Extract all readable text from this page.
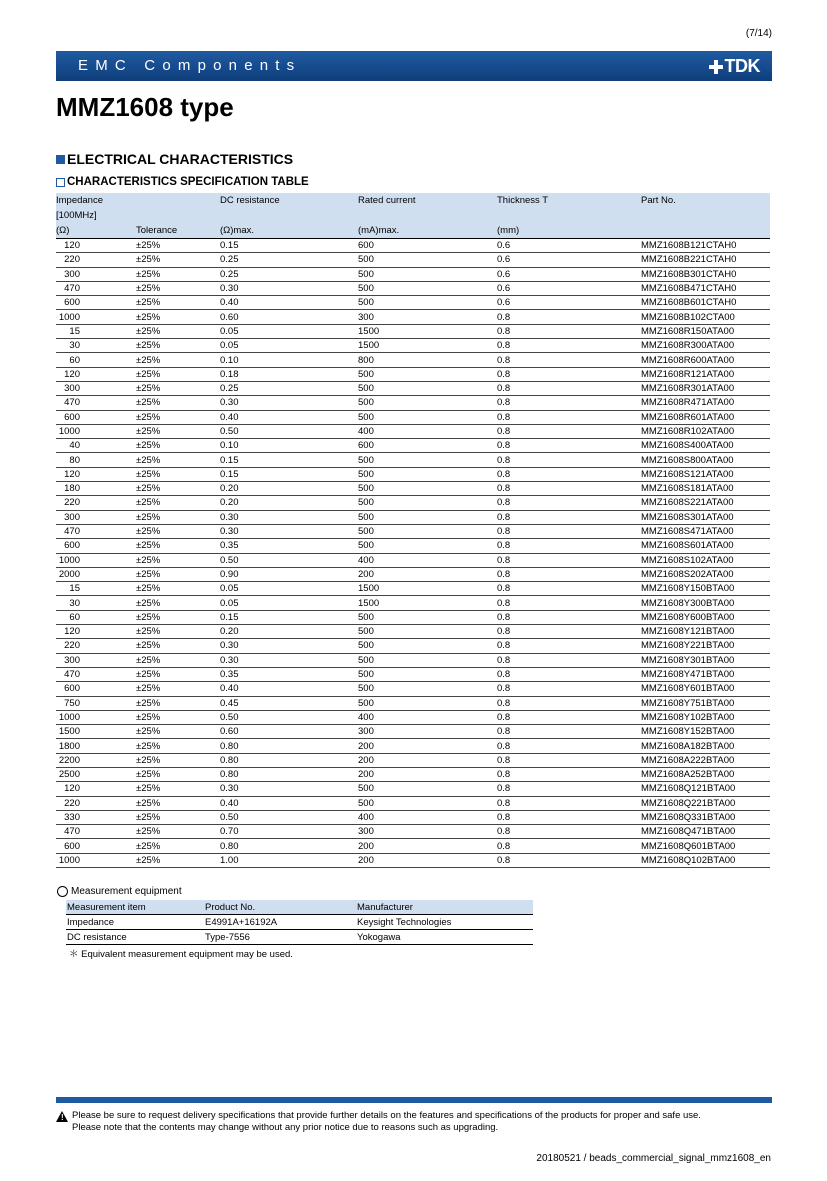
(7/14)
EMC Components	TDK
MMZ1608 type
ELECTRICAL CHARACTERISTICS
CHARACTERISTICS SPECIFICATION TABLE
Impedance		DC resistance	Rated current	Thickness T	Part No.
[100MHz]					
(Ω)	Tolerance	(Ω)max.	(mA)max.	(mm)	
120	±25%	0.15	600	0.6	MMZ1608B121CTAH0
220	±25%	0.25	500	0.6	MMZ1608B221CTAH0
300	±25%	0.25	500	0.6	MMZ1608B301CTAH0
470	±25%	0.30	500	0.6	MMZ1608B471CTAH0
600	±25%	0.40	500	0.6	MMZ1608B601CTAH0
1000	±25%	0.60	300	0.8	MMZ1608B102CTA00
15	±25%	0.05	1500	0.8	MMZ1608R150ATA00
30	±25%	0.05	1500	0.8	MMZ1608R300ATA00
60	±25%	0.10	800	0.8	MMZ1608R600ATA00
120	±25%	0.18	500	0.8	MMZ1608R121ATA00
300	±25%	0.25	500	0.8	MMZ1608R301ATA00
470	±25%	0.30	500	0.8	MMZ1608R471ATA00
600	±25%	0.40	500	0.8	MMZ1608R601ATA00
1000	±25%	0.50	400	0.8	MMZ1608R102ATA00
40	±25%	0.10	600	0.8	MMZ1608S400ATA00
80	±25%	0.15	500	0.8	MMZ1608S800ATA00
120	±25%	0.15	500	0.8	MMZ1608S121ATA00
180	±25%	0.20	500	0.8	MMZ1608S181ATA00
220	±25%	0.20	500	0.8	MMZ1608S221ATA00
300	±25%	0.30	500	0.8	MMZ1608S301ATA00
470	±25%	0.30	500	0.8	MMZ1608S471ATA00
600	±25%	0.35	500	0.8	MMZ1608S601ATA00
1000	±25%	0.50	400	0.8	MMZ1608S102ATA00
2000	±25%	0.90	200	0.8	MMZ1608S202ATA00
15	±25%	0.05	1500	0.8	MMZ1608Y150BTA00
30	±25%	0.05	1500	0.8	MMZ1608Y300BTA00
60	±25%	0.15	500	0.8	MMZ1608Y600BTA00
120	±25%	0.20	500	0.8	MMZ1608Y121BTA00
220	±25%	0.30	500	0.8	MMZ1608Y221BTA00
300	±25%	0.30	500	0.8	MMZ1608Y301BTA00
470	±25%	0.35	500	0.8	MMZ1608Y471BTA00
600	±25%	0.40	500	0.8	MMZ1608Y601BTA00
750	±25%	0.45	500	0.8	MMZ1608Y751BTA00
1000	±25%	0.50	400	0.8	MMZ1608Y102BTA00
1500	±25%	0.60	300	0.8	MMZ1608Y152BTA00
1800	±25%	0.80	200	0.8	MMZ1608A182BTA00
2200	±25%	0.80	200	0.8	MMZ1608A222BTA00
2500	±25%	0.80	200	0.8	MMZ1608A252BTA00
120	±25%	0.30	500	0.8	MMZ1608Q121BTA00
220	±25%	0.40	500	0.8	MMZ1608Q221BTA00
330	±25%	0.50	400	0.8	MMZ1608Q331BTA00
470	±25%	0.70	300	0.8	MMZ1608Q471BTA00
600	±25%	0.80	200	0.8	MMZ1608Q601BTA00
1000	±25%	1.00	200	0.8	MMZ1608Q102BTA00
Measurement equipment
Measurement item	Product No.	Manufacturer
Impedance	E4991A+16192A	Keysight Technologies
DC resistance	Type-7556	Yokogawa
＊ Equivalent measurement equipment may be used.
! Please be sure to request delivery specifications that provide further details on the features and specifications of the products for proper and safe use.
Please note that the contents may change without any prior notice due to reasons such as upgrading.
20180521 / beads_commercial_signal_mmz1608_en
